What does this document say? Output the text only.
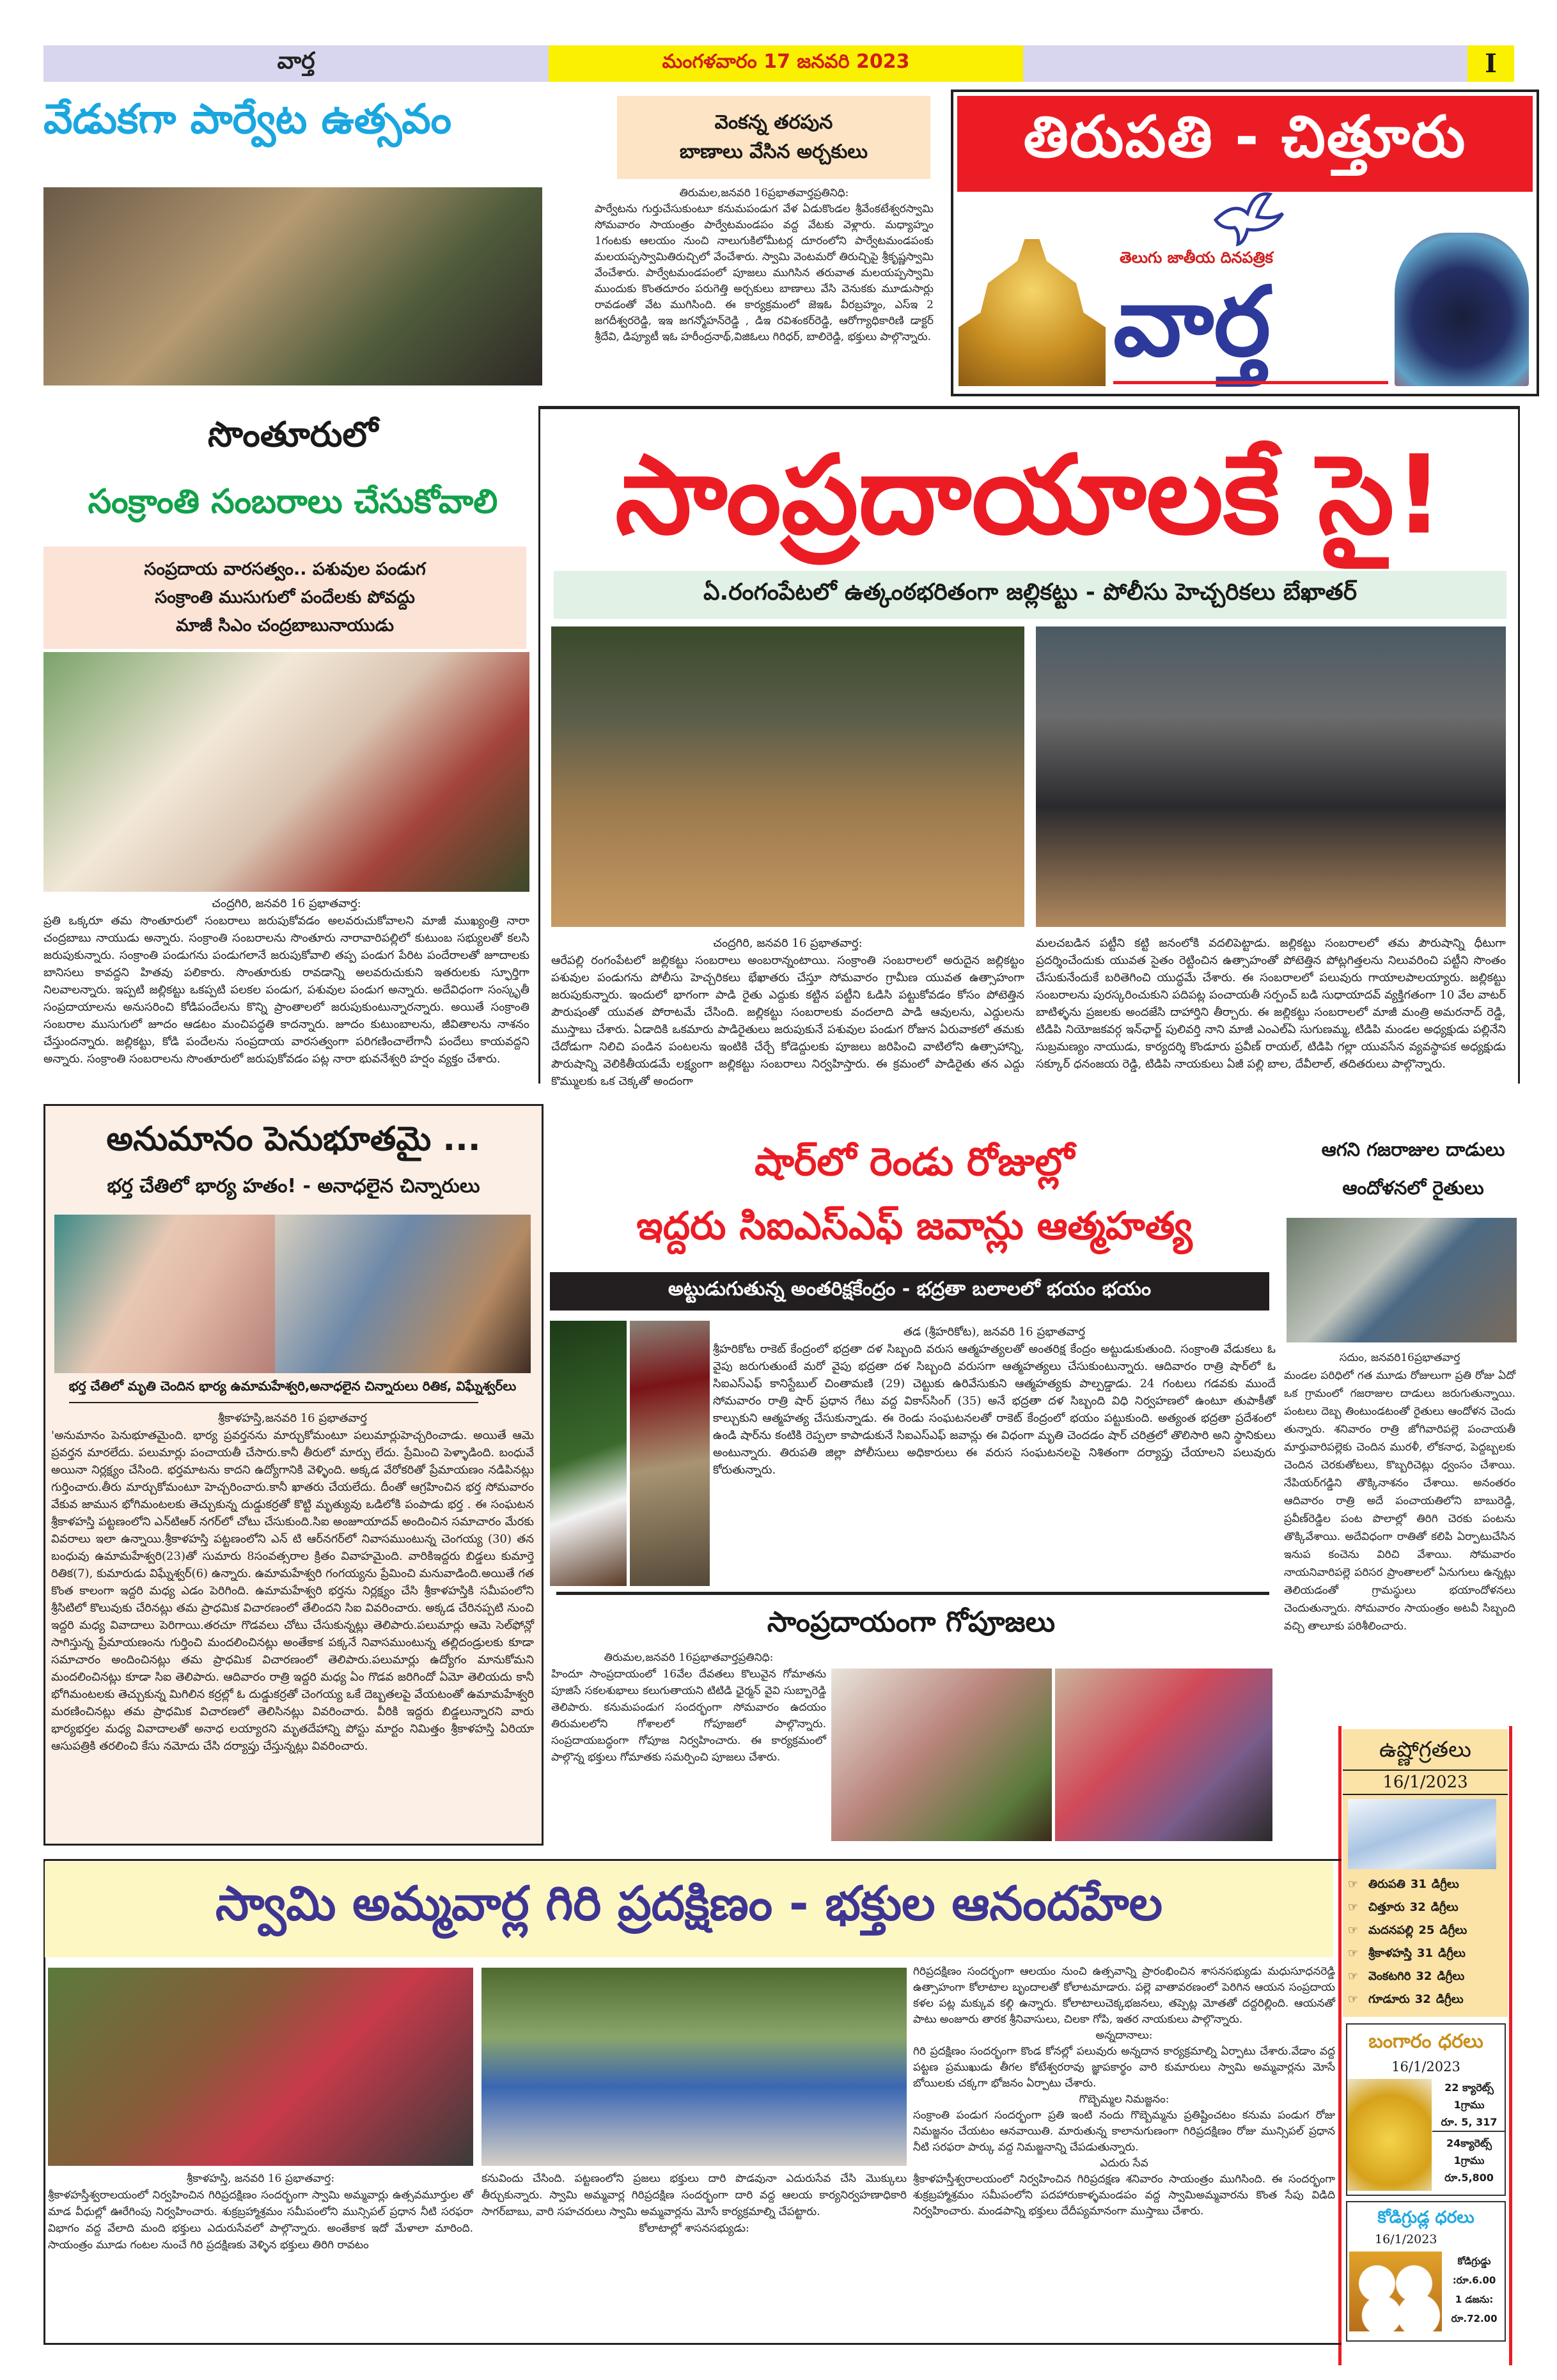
వార్త	మంగళవారం 17 జనవరి 2023	I
తిరుపతి - చిత్తూరు
తెలుగు జాతీయ దినపత్రిక
వార్త
వేడుకగా పార్వేట ఉత్సవం	వెంకన్న తరపున
బాణాలు వేసిన అర్చకులు
తిరుమల,జనవరి 16ప్రభాతవార్తప్రతినిధి:
పార్వేటను గుర్తుచేసుకుంటూ కనుమపండుగ వేళ ఏడుకొండల శ్రీవేంకటేశ్వరస్వామి సోమవారం సాయంత్రం పార్వేటమండపం వద్ద వేటకు వెళ్లారు. మధ్యాహ్నం 1గంటకు ఆలయం నుంచి నాలుగుకిలోమీటర్ల దూరంలోని పార్వేటమండపంకు మలయప్పస్వామితిరుచ్చిలో వేంచేశారు. స్వామి వెంటమరో తిరుచ్చిపై శ్రీకృష్ణస్వామి వేంచేశారు. పార్వేటమండపంలో పూజలు ముగిసిన తరువాత మలయప్పస్వామి ముందుకు కొంతదూరం పరుగెత్తి అర్చకులు బాణాలు వేసి వెనుకకు మూడుసార్లు రావడంతో వేట ముగిసింది. ఈ కార్యక్రమంలో జెఇఓ వీరబ్రహ్మం, ఎస్ఇ 2 జగదీశ్వరరెడ్డి, ఇఇ జగన్మోహన్‌రెడ్డి , డిఇ రవిశంకర్‌రెడ్డి, ఆరోగ్యాధికారిణి డాక్టర్ శ్రీదేవి, డిప్యూటీ ఇఓ హరీంద్రనాథ్,విజిఓలు గిరిధర్, బాలిరెడ్డి, భక్తులు పాల్గొన్నారు.
సొంతూరులో
సంక్రాంతి సంబరాలు చేసుకోవాలి
సంప్రదాయ వారసత్వం.. పశువుల పండుగ
సంక్రాంతి ముసుగులో పందేలకు పోవద్దు
మాజీ సిఎం చంద్రబాబునాయుడు
చంద్రగిరి, జనవరి 16 ప్రభాతవార్త:
ప్రతి ఒక్కరూ తమ సొంతూరులో సంబరాలు జరుపుకోవడం అలవరుచుకోవాలని మాజీ ముఖ్యంత్రి నారా చంద్రబాబు నాయుడు అన్నారు. సంక్రాంతి సంబరాలను సొంతూరు నారావారిపల్లిలో కుటుంబ సభ్యులతో కలసి జరుపుకున్నారు. సంక్రాంతి పండుగను పండుగలానే జరుపుకోవాలి తప్ప పండుగ పేరిట పందేరాలతో జూదాలకు బానిసలు కావద్దని హితవు పలికారు. సొంతూరుకు రావడాన్ని అలవరుచుకుని ఇతరులకు స్ఫూర్తిగా నిలవాలన్నారు. ఇప్పటి జల్లికట్టు ఒకప్పటి పలకల పండుగ, పశువుల పండుగ అన్నారు. అదేవిధంగా సంస్కృతీ సంప్రదాయాలను అనుసరించి కోడిపందేలను కొన్ని ప్రాంతాలలో జరుపుకుంటున్నారన్నారు. అయితే సంక్రాంతి సంబరాల ముసుగులో జూదం ఆడటం మంచిపద్ధతి కాదన్నారు. జూదం కుటుంబాలను, జీవితాలను నాశనం చేస్తుందన్నారు. జల్లికట్టు, కోడి పందేలను సంప్రదాయ వారసత్వంగా పరిగణించాలేగానీ పందేలు కాయవద్దని అన్నారు. సంక్రాంతి సంబరాలను సొంతూరులో జరుపుకోవడం పట్ల నారా భువనేశ్వరి హర్షం వ్యక్తం చేశారు.
సాంప్రదాయాలకే సై!
ఏ.రంగంపేటలో ఉత్కంఠభరితంగా జల్లికట్టు - పోలీసు హెచ్చరికలు బేఖాతర్
చంద్రగిరి, జనవరి 16 ప్రభాతవార్త:
ఆరేపల్లి రంగంపేటలో జల్లికట్టు సంబరాలు అంబరాన్నంటాయి. సంక్రాంతి సంబరాలలో అరుదైన జల్లికట్టం పశువుల పండుగను పోలీసు హెచ్చరికలు భేఖాతరు చేస్తూ సోమవారం గ్రామీణ యువత ఉత్సాహంగా జరుపుకున్నారు. ఇందులో భాగంగా పాడి రైతు ఎద్దుకు కట్టిన పట్టీని ఓడిసి పట్టుకోవడం కోసం పోటెత్తిన పౌరుషంతో యువత పోరాటమే చేసింది. జల్లికట్టు సంబరాలకు వందలాది పాడి ఆవులను, ఎద్దులను ముస్తాబు చేశారు. ఏడాదికి ఒకమారు పాడిరైతులు జరుపుకునే పశువుల పండుగ రోజున ఏరువాకలో తమకు చేదోడుగా నిలిచి పండిన పంటలను ఇంటికి చేర్చే కోడెద్దులకు పూజలు జరిపించి వాటిలోని ఉత్సాహాన్ని, పౌరుషాన్ని వెలికితీయడమే లక్ష్యంగా జల్లికట్టు సంబరాలు నిర్వహిస్తారు. ఈ క్రమంలో పాడిరైతు తన ఎద్దు కొమ్ములకు ఒక చెక్కతో అందంగా
మలచబడిన పట్టీని కట్టి జనంలోకి వదలిపెట్టాడు. జల్లికట్టు సంబరాలలో తమ పౌరుషాన్ని ధీటుగా ప్రదర్శించేందుకు యువత సైతం రెట్టించిన ఉత్సాహంతో పోటెత్తిన పోట్లగిత్తలను నిలువరించి పట్టీని సొంతం చేసుకునేందుకే బరితెగించి యుద్ధమే చేశారు. ఈ సంబరాలలో పలువురు గాయాలపాలయ్యారు. జల్లికట్టు సంబరాలను పురస్కరించుకుని పదిపట్ల పంచాయతీ సర్పంచ్ బడి సుధాయాదవ్ వ్యక్తిగతంగా 10 వేల వాటర్ బాటిళ్ళను ప్రజలకు అందజేసి దాహార్తిని తీర్చారు. ఈ జల్లికట్టు సంబరాలలో మాజీ మంత్రి అమరనాద్ రెడ్డి, టిడిపి నియోజకవర్గ ఇన్‌ఛార్జ్ పులివర్తి నాని మాజీ ఎంఎల్ఏ సుగుణమ్మ, టిడిపి మండల అధ్యక్షుడు పల్లినేని సుబ్రమణ్యం నాయుడు, కార్యదర్శి కొండూరు ప్రవీణ్ రాయల్, టిడిపి గల్లా యువసేన వ్యవస్థాపక అధ్యక్షుడు సక్కూర్ ధనంజయ రెడ్డి, టిడిపి నాయకులు ఏజీ పల్లి బాల, దేవీలాల్, తదితరులు పాల్గొన్నారు.
అనుమానం పెనుభూతమై ...
భర్త చేతిలో భార్య హతం! - అనాధలైన చిన్నారులు
భర్త చేతిలో మృతి చెందిన భార్య ఉమామహేశ్వరి,అనాధలైన చిన్నారులు రితిక, విఘ్నేశ్వర్‌లు
శ్రీకాళహస్తి,జనవరి 16 ప్రభాతవార్త
'అనుమానం పెనుభూతమైంది. భార్య ప్రవర్తనను మార్చుకోమంటూ పలుమార్లుహెచ్చరించాడు. అయితే ఆమె ప్రవర్తన మారలేదు. పలుమార్లు పంచాయతీ చేసారు.కానీ తీరులో మార్పు లేదు. ప్రేమించి పెళ్ళాడింది. బంధువే అయినా నిర్లక్ష్యం చేసింది. భర్తమాటను కాదని ఉద్యోగానికి వెళ్ళింది. అక్కడ వేరోకరితో ప్రేమాయణం నడిపినట్లు గుర్తించారు.తీరు మార్చుకోమంటూ హెచ్చరించారు.కానీ ఖాతరు చేయలేదు. దీంతో ఆగ్రహించిన భర్త సోమవారం వేకువ జామున భోగిమంటలకు తెచ్చుకున్న దుడ్డుకర్రతో కొట్టి మృత్యువు ఒడిలోకి పంపాడు భర్త . ఈ సంఘటన శ్రీకాళహస్తి పట్టణంలోని ఎన్‌టిఆర్ నగర్‌లో చోటు చేసుకుంది.సిఐ అంజూయాదవ్ అందించిన సమాచారం మేరకు వివరాలు ఇలా ఉన్నాయి.శ్రీకాళహస్తి పట్టణంలోని ఎన్ టి ఆర్‌నగర్‌లో నివాసముంటున్న చెంగయ్య (30) తన బంధువు ఉమామహేశ్వరి(23)తో సుమారు 8సంవత్సరాల క్రితం వివాహమైంది. వారికిఇద్దరు బిడ్డలు కుమార్తె రితిక(7), కుమారుడు విఘ్నేశ్వర్(6) ఉన్నారు. ఉమామహేశ్వరి గంగయ్యను ప్రేమించి మనువాడింది.అయితే గత కొంత కాలంగా ఇద్దరి మధ్య ఎడం పెరిగింది. ఉమామహేశ్వరి భర్తను నిర్లక్ష్యం చేసి శ్రీకాళహస్తికి సమీపంలోని శ్రీసిటిలో కొలువుకు చేరినట్లు తమ ప్రాధమిక విచారణంలో తేలిందని సిఐ వివరించారు. అక్కడ చేరినప్పటి నుంచి ఇద్దరి మధ్య వివాదాలు పెరిగాయి.తరచూ గొడవలు చోటు చేసుకున్నట్లు తెలిపారు.పలుమార్లు ఆమె సెల్‌ఫోన్లో సాగిస్తున్న ప్రేమాయణంను గుర్తించి మందలించినట్లు అంతేకాక పక్కనే నివాసముంటున్న తల్లిదండ్రులకు కూడా సమాచారం అందించినట్లు తమ ప్రాధమిక విచారణంలో తెలిపారు.పలుమార్లు ఉద్యోగం మానుకోమని మందలించినట్లు కూడా సిఐ తెలిపారు. ఆదివారం రాత్రి ఇద్దరి మధ్య ఏం గొడవ జరిగిందో ఏమో తెలియదు కానీ భోగిమంటలకు తెచ్చుకున్న మిగిలిన కర్రల్లో ఓ దుడ్డుకర్రతో చెంగయ్య ఒకే దెబ్బతలపై వేయటంతో ఉమామహేశ్వరి మరణించినట్లు తమ ప్రాధమిక విచారణలో తెలిసినట్లు వివరించారు. వీరికి ఇద్దరు బిడ్డలున్నారని వారు భార్యభర్తల మధ్య వివాదాలతో అనాధ లయ్యారని మృతదేహాన్ని పోస్టు మార్టం నిమిత్తం శ్రీకాళహస్తి ఏరియా ఆసుపత్రికి తరలించి కేసు నమోదు చేసి దర్యాప్తు చేస్తున్నట్లు వివరించారు.
షార్‌లో రెండు రోజుల్లో
ఇద్దరు సిఐఎస్ఎఫ్ జవాన్లు ఆత్మహత్య
అట్టుడుగుతున్న అంతరిక్షకేంద్రం - భద్రతా బలాలలో భయం భయం
తడ (శ్రీహరికోట), జనవరి 16 ప్రభాతవార్త
శ్రీహరికోట రాకెట్ కేంద్రంలో భద్రతా దళ సిబ్బంది వరుస ఆత్మహత్యలతో అంతరిక్ష కేంద్రం అట్టుడుకుతుంది. సంక్రాంతి వేడుకలు ఓ వైపు జరుగుతుంటే మరో వైపు భద్రతా దళ సిబ్బంది వరుసగా ఆత్మహత్యలు చేసుకుంటున్నారు. ఆదివారం రాత్రి షార్‌లో ఓ సిఐఎస్ఎఫ్ కానిస్టేబుల్ చింతామణి (29) చెట్టుకు ఉరివేసుకుని ఆత్మహత్యకు పాల్పడ్డాడు. 24 గంటలు గడవకు ముందే సోమవారం రాత్రి షార్ ప్రధాన గేటు వద్ద వికాస్‌సింగ్ (35) అనే భద్రతా దళ సిబ్బంది విధి నిర్వహణలో ఉంటూ తుపాకీతో కాల్చుకుని ఆత్మహత్య చేసుకున్నాడు. ఈ రెండు సంఘటనలతో రాకెట్ కేంద్రంలో భయం పట్టుకుంది. అత్యంత భద్రతా ప్రదేశంలో ఉండి షార్‌ను కంటికి రెప్పలా కాపాడుకునే సిఐఎస్ఎఫ్ జవాన్లు ఈ విధంగా మృతి చెందడం షార్ చరిత్రలో తొలిసారి అని స్థానికులు అంటున్నారు. తిరుపతి జిల్లా పోలీసులు అధికారులు ఈ వరుస సంఘటనలపై నిశితంగా దర్యాప్తు చేయాలని పలువురు కోరుతున్నారు.
సాంప్రదాయంగా గోపూజలు
తిరుమల,జనవరి 16ప్రభాతవార్తప్రతినిధి:
హిందూ సాంప్రదాయంలో 16వేల దేవతలు కొలువైన గోమాతను పూజిసే సకలశుభాలు కలుగుతాయని టిటిడి ఛైర్మన్ వైవి సుబ్బారెడ్డి తెలిపారు. కనుమపండుగ సందర్భంగా సోమవారం ఉదయం తిరుమలలోని గోశాలలో గోపూజలో పాల్గొన్నారు. సంప్రదాయబద్ధంగా గోపూజ నిర్వహించారు. ఈ కార్యక్రమంలో పాల్గొన్న భక్తులు గోమాతకు సమర్పించి పూజలు చేశారు.
ఆగని గజరాజుల దాడులు
ఆందోళనలో రైతులు
సదుం, జనవరి16ప్రభాతవార్త
మండల పరిధిలో గత మూడు రోజులుగా ప్రతి రోజు ఏదో ఒక గ్రామంలో గజరాజుల దాడులు జరుగుతున్నాయి. పంటలు దెబ్బ తింటుండటంతో రైతులు ఆందోళన చెందు తున్నారు. శనివారం రాత్రి జోగివారిపల్లె పంచాయతీ మార్తువారిపల్లెకు చెందిన మురళీ, లోకనాధ, పెద్దబ్బలకు చెందిన చెరకుతోటలు, కొబ్బరిచెట్లు ధ్వంసం చేశాయి. నేపియర్‌గడ్డిని తొక్కినాశనం చేశాయి. అనంతరం ఆదివారం రాత్రి అదే పంచాయతిలోని బాబురెడ్డి, ప్రవీణ్‌రెడ్డిల పంట పొలాల్లో తిరిగి చెరకు పంటను తొక్కివేశాయి. అదేవిధంగా రాతితో కలిపి ఏర్పాటుచేసిన ఇనుప కంచెను విరిచి వేశాయి. సోమవారం నాయనివారిపల్లె పరిసర ప్రాంతాలలో ఏనుగులు ఉన్నట్లు తెలియడంతో గ్రామస్థులు భయాందోళనలు చెందుతున్నారు. సోమవారం సాయంత్రం అటవీ సిబ్బంది వచ్చి తాలూకు పరిశీలించారు.
ఉష్ణోగ్రతలు
16/1/2023
☞ తిరుపతి 31 డిగ్రీలు
☞ చిత్తూరు 32 డిగ్రీలు
☞ మదనపల్లి 25 డిగ్రీలు
☞ శ్రీకాళహస్తి 31 డిగ్రీలు
☞ వెంకటగిరి 32 డిగ్రీలు
☞ గూడూరు 32 డిగ్రీలు
బంగారం ధరలు
16/1/2023
22 క్యారెట్స్
1గ్రాము
రూ. 5, 317
24క్యారెట్స్
1గ్రాము
రూ.5,800
కోడిగ్రుడ్ల ధరలు
16/1/2023
కోడిగ్రుడ్డు
:రూ.6.00
1 డజను:
రూ.72.00
స్వామి అమ్మవార్ల గిరి ప్రదక్షిణం - భక్తుల ఆనందహేల
శ్రీకాళహస్తి, జనవరి 16 ప్రభాతవార్త:
శ్రీకాళహస్తీశ్వరాలయంలో నిర్వహించిన గిరిప్రదక్షిణం సందర్భంగా స్వామి అమ్మవార్లు ఉత్సవమూర్తుల తో మాడ వీధుల్లో ఊరేగింపు నిర్వహించారు. శుక్రబ్రహ్మాశ్రమం సమీపంలోని మున్సిపల్ ప్రధాన నీటి సరఫరా విభాగం వద్ద వేలాది మంది భక్తులు ఎదురుసేవలో పాల్గొన్నారు. అంతేకాక ఇదో మేళాలా మారింది. సాయంత్రం మూడు గంటల నుంచే గిరి ప్రదక్షిణకు వెళ్ళిన భక్తులు తిరిగి రావటం
కనువిందు చేసింది. పట్టణంలోని ప్రజలు భక్తులు దారి పొడవునా ఎదురుసేవ చేసి మొక్కులు తీర్చుకున్నారు. స్వామి అమ్మవార్ల గిరిప్రదక్షిణ సందర్భంగా దారి వద్ద ఆలయ కార్యనిర్వహణాధికారి సాగర్‌బాబు, వారి సహచరులు స్వామి అమ్మవార్లను మోసే కార్యక్రమాల్ని చేపట్టారు.
కోలాటాల్లో శాసనసభ్యుడు:
గిరిప్రదక్షిణం సందర్భంగా ఆలయం నుంచి ఉత్సవాన్ని ప్రారంభించిన శాసనసభ్యుడు మధుసూధనరెడ్డి ఉత్సాహంగా కోలాటాల బృందాలతో కోలాటమాడారు. పల్లె వాతావరణంలో పెరిగిన ఆయన సంప్రదాయ కళల పట్ల మక్కువ కల్గి ఉన్నారు. కోలాటాలుచెక్కభజనలు, తప్పెట్ల మోతతో దద్దరిల్లింది. ఆయనతో పాటు అంజూరు తారక శ్రీనివాసులు, చిలకా గోపి, ఇతర నాయకులు పాల్గొన్నారు.
అన్నదానాలు:
గిరి ప్రదక్షిణం సందర్భంగా కొండ కోనల్లో పలువురు అన్నదాన కార్యక్రమాల్ని ఏర్పాటు చేశారు.వేడాం వద్ద పట్టణ ప్రముఖుడు తీగల కోటేశ్వరరావు జ్ఞాపకార్థం వారి కుమారులు స్వామి అమ్మవార్లను మోసే బోయిలకు చక్కగా భోజనం ఏర్పాటు చేశారు.
గొబ్బెమ్మల నిమజ్జనం:
సంక్రాంతి పండుగ సందర్భంగా ప్రతి ఇంటి నందు గొబ్బెమ్మను ప్రతిష్టించటం కనుమ పండుగ రోజు నిమజ్జనం చేయటం ఆనవాయితి. మారుతున్న కాలానుగుణంగా గిరిప్రదక్షిణం రోజు మున్సిపల్ ప్రధాన నీటి సరఫరా పార్కు వద్ద నిమజ్జనాన్ని చేపడుతున్నారు.
ఎదురు సేవ
శ్రీకాళహస్తీశ్వరాలయంలో నిర్వహించిన గిరిప్రదక్షణ శనివారం సాయంత్రం ముగిసింది. ఈ సందర్భంగా శుక్రబ్రహ్మాశ్రమం సమీపంలోని పదహారుకాళ్ళమండపం వద్ద స్వామిఅమ్మవారను కొంత సేపు విడిది నిర్వహించారు. మండపాన్ని భక్తులు దేదీప్యమానంగా ముస్తాబు చేశారు.
